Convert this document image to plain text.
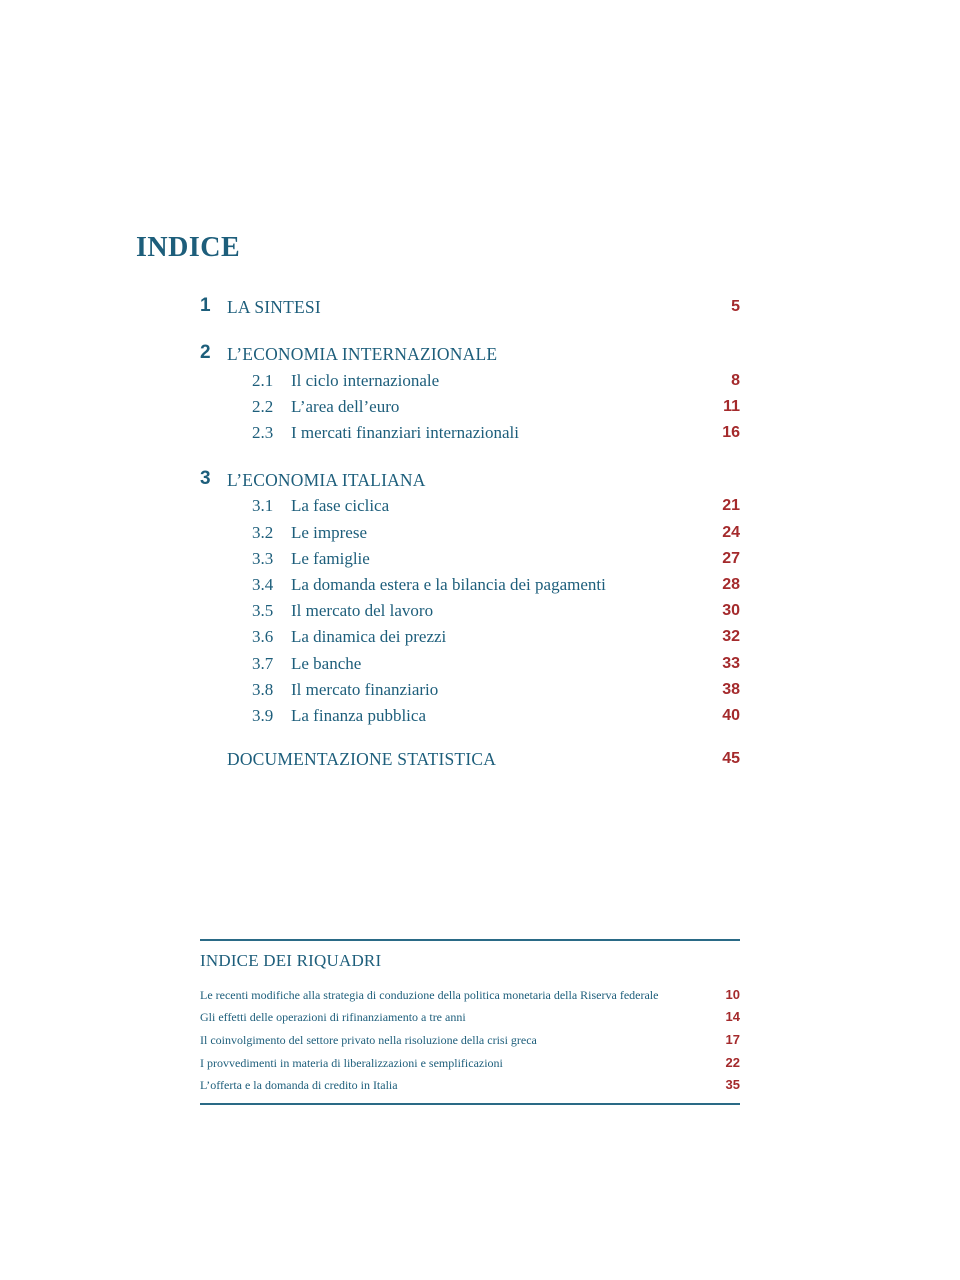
INDICE
1 LA SINTESI	5
2 L’ECONOMIA INTERNAZIONALE
2.1 Il ciclo internazionale	8
2.2 L’area dell’euro	11
2.3 I mercati finanziari internazionali	16
3 L’ECONOMIA ITALIANA
3.1 La fase ciclica	21
3.2 Le imprese	24
3.3 Le famiglie	27
3.4 La domanda estera e la bilancia dei pagamenti	28
3.5 Il mercato del lavoro	30
3.6 La dinamica dei prezzi	32
3.7 Le banche	33
3.8 Il mercato finanziario	38
3.9 La finanza pubblica	40
DOCUMENTAZIONE STATISTICA	45
INDICE DEI RIQUADRI
Le recenti modifiche alla strategia di conduzione della politica monetaria della Riserva federale	10
Gli effetti delle operazioni di rifinanziamento a tre anni	14
Il coinvolgimento del settore privato nella risoluzione della crisi greca	17
I provvedimenti in materia di liberalizzazioni e semplificazioni	22
L’offerta e la domanda di credito in Italia	35
